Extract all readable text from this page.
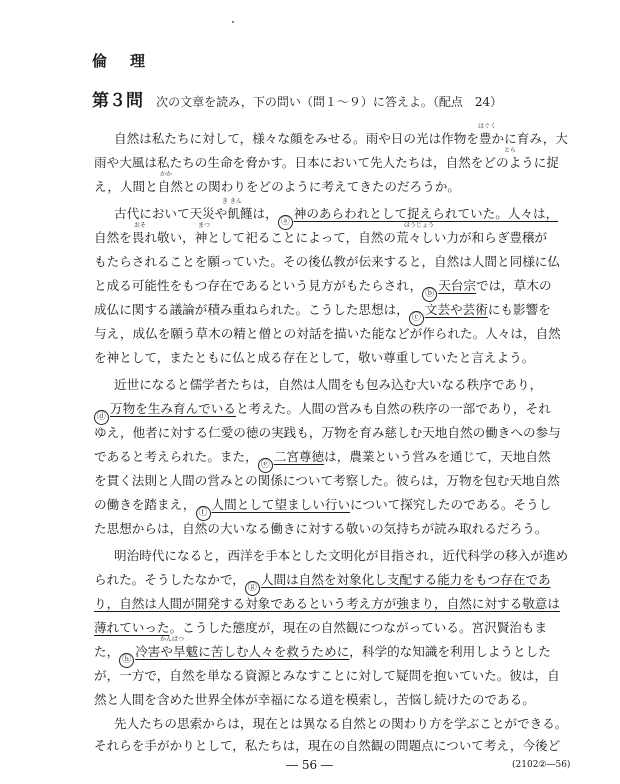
倫　理
第３問 次の文章を読み，下の問い（問１～９）に答えよ。（配点　24）
自然は私たちに対して，様々な顔をみせる。雨や日の光は作物を豊かに育み，大
雨や大風は私たちの生命を脅かす。日本において先人たちは，自然をどのように捉
え，人間と自然との関わりをどのように考えてきたのだろうか。
古代において天災や飢饉は，ⓐ神のあらわれとして捉えられていた。人々は，
自然を畏れ敬い，神として祀ることによって，自然の荒々しい力が和らぎ豊穣が
もたらされることを願っていた。その後仏教が伝来すると，自然は人間と同様に仏
と成る可能性をもつ存在であるという見方がもたらされ，ⓑ天台宗では，草木の
成仏に関する議論が積み重ねられた。こうした思想は，ⓒ文芸や芸術にも影響を
与え，成仏を願う草木の精と僧との対話を描いた能などが作られた。人々は，自然
を神として，またともに仏と成る存在として，敬い尊重していたと言えよう。
近世になると儒学者たちは，自然は人間をも包み込む大いなる秩序であり，
ⓓ万物を生み育んでいると考えた。人間の営みも自然の秩序の一部であり，それ
ゆえ，他者に対する仁愛の徳の実践も，万物を育み慈しむ天地自然の働きへの参与
であると考えられた。また，ⓔ二宮尊徳は，農業という営みを通じて，天地自然
を貫く法則と人間の営みとの関係について考察した。彼らは，万物を包む天地自然
の働きを踏まえ，ⓕ人間として望ましい行いについて探究したのである。そうし
た思想からは，自然の大いなる働きに対する敬いの気持ちが読み取れるだろう。
明治時代になると，西洋を手本とした文明化が目指され，近代科学の移入が進め
られた。そうしたなかで，ⓖ人間は自然を対象化し支配する能力をもつ存在であ
り，自然は人間が開発する対象であるという考え方が強まり，自然に対する敬意は
薄れていった。こうした態度が，現在の自然観につながっている。宮沢賢治もま
た，ⓗ冷害や旱魃に苦しむ人々を救うために，科学的な知識を利用しようとした
が，一方で，自然を単なる資源とみなすことに対して疑問を抱いていた。彼は，自
然と人間を含めた世界全体が幸福になる道を模索し，苦悩し続けたのである。
先人たちの思索からは，現在とは異なる自然との関わり方を学ぶことができる。
それらを手がかりとして，私たちは，現在の自然観の問題点について考え，今後ど
はぐく
とら
かか
き きん
おそ	まつ	ほうじょう
かんばつ
― 56 ―	(2102②―56)
